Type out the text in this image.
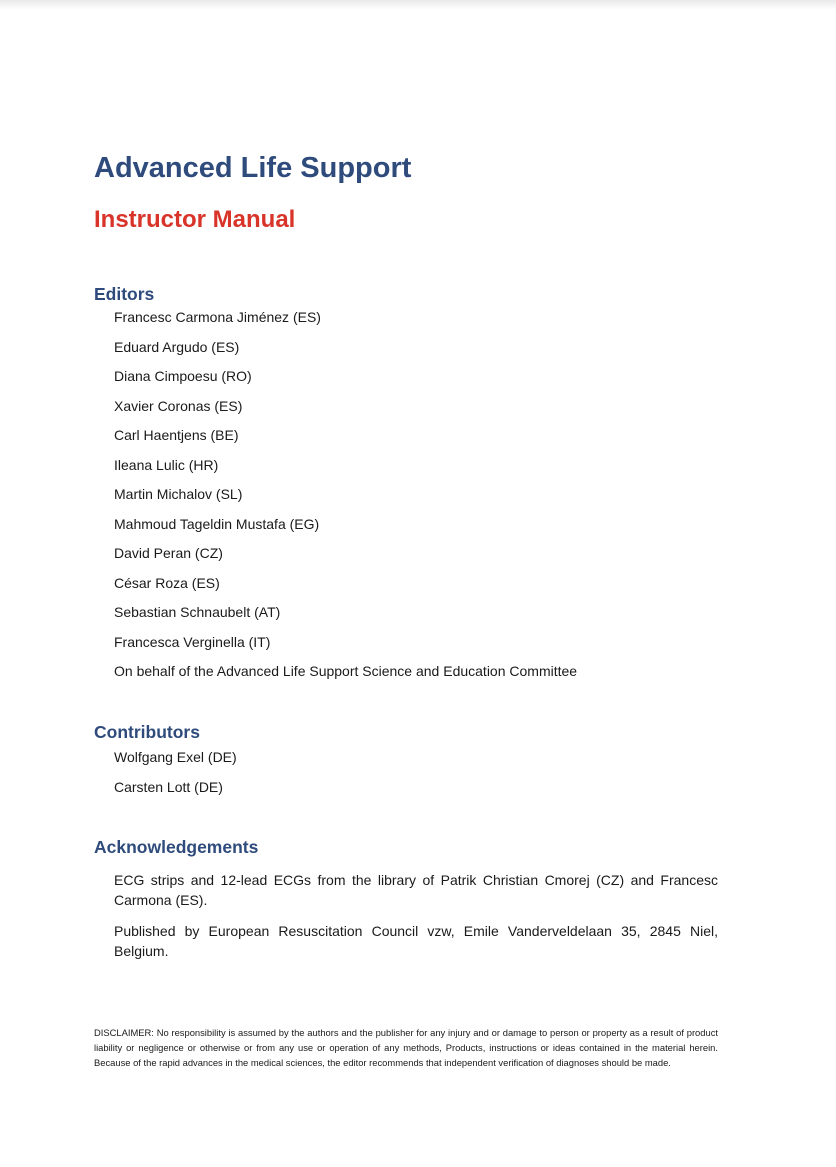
Advanced Life Support
Instructor Manual
Editors
Francesc Carmona Jiménez (ES)
Eduard Argudo (ES)
Diana Cimpoesu (RO)
Xavier Coronas (ES)
Carl Haentjens (BE)
Ileana Lulic (HR)
Martin Michalov (SL)
Mahmoud Tageldin Mustafa (EG)
David Peran (CZ)
César Roza (ES)
Sebastian Schnaubelt (AT)
Francesca Verginella (IT)
On behalf of the Advanced Life Support Science and Education Committee
Contributors
Wolfgang Exel (DE)
Carsten Lott (DE)
Acknowledgements

ECG strips and 12-lead ECGs from the library of Patrik Christian Cmorej (CZ) and Francesc Carmona (ES).

Published by European Resuscitation Council vzw, Emile Vanderveldelaan 35, 2845 Niel, Belgium.

DISCLAIMER: No responsibility is assumed by the authors and the publisher for any injury and or damage to person or property as a result of product liability or negligence or otherwise or from any use or operation of any methods, Products, instructions or ideas contained in the material herein. Because of the rapid advances in the medical sciences, the editor recommends that independent verification of diagnoses should be made.
